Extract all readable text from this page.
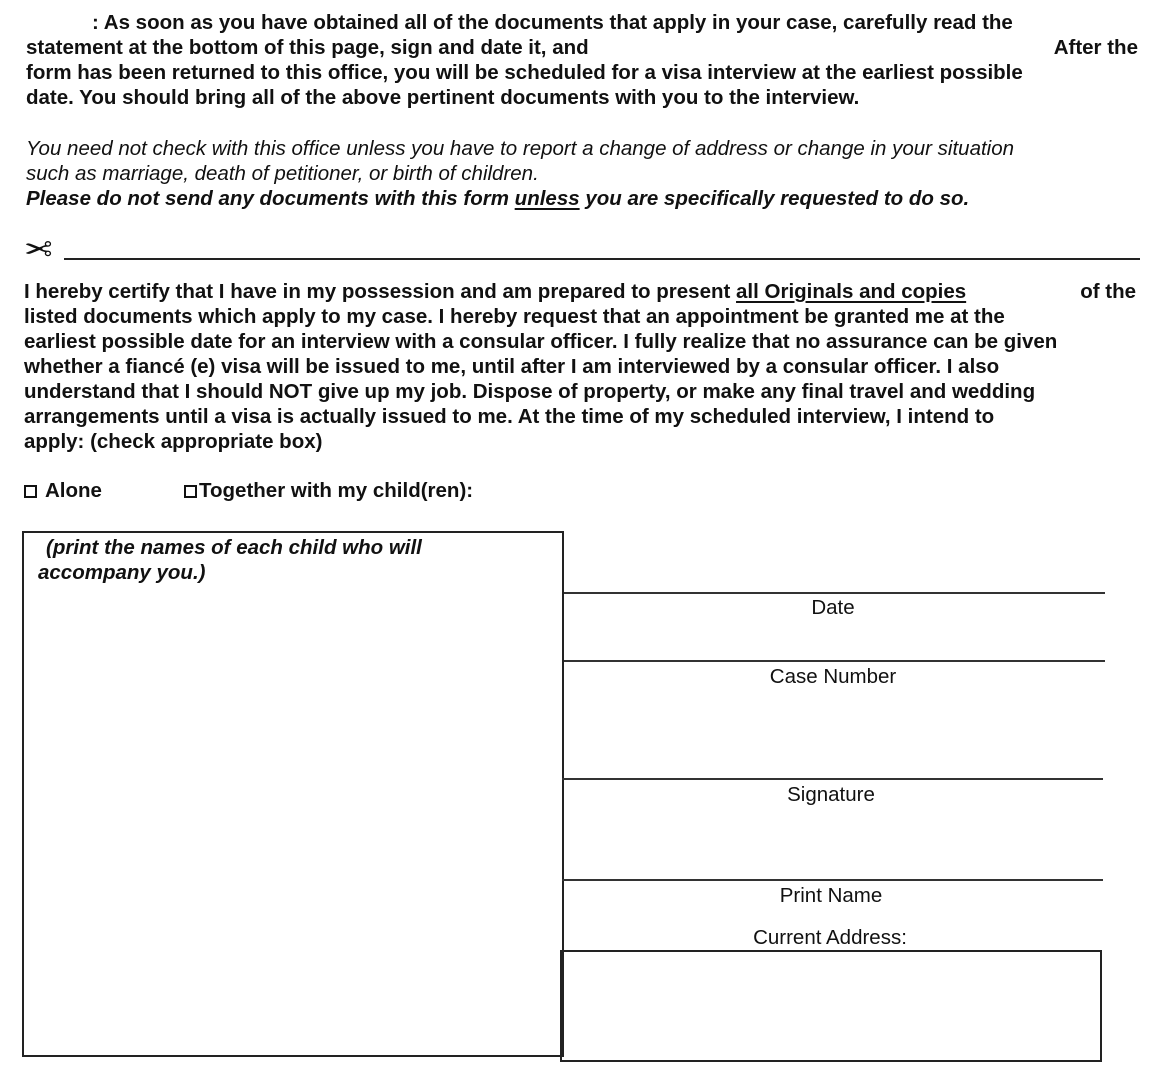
: As soon as you have obtained all of the documents that apply in your case, carefully read the
statement at the bottom of this page, sign and date it, and	After the
form has been returned to this office, you will be scheduled for a visa interview at the earliest possible
date. You should bring all of the above pertinent documents with you to the interview.
You need not check with this office unless you have to report a change of address or change in your situation
such as marriage, death of petitioner, or birth of children.
Please do not send any documents with this form unless you are specifically requested to do so.
✂
I hereby certify that I have in my possession and am prepared to present all Originals and copies	of the
listed documents which apply to my case. I hereby request that an appointment be granted me at the
earliest possible date for an interview with a consular officer. I fully realize that no assurance can be given
whether a fiancé (e) visa will be issued to me, until after I am interviewed by a consular officer. I also
understand that I should NOT give up my job. Dispose of property, or make any final travel and wedding
arrangements until a visa is actually issued to me. At the time of my scheduled interview, I intend to
apply: (check appropriate box)
Alone	Together with my child(ren):
(print the names of each child who will
accompany you.)
Date
Case Number
Signature
Print Name
Current Address:
